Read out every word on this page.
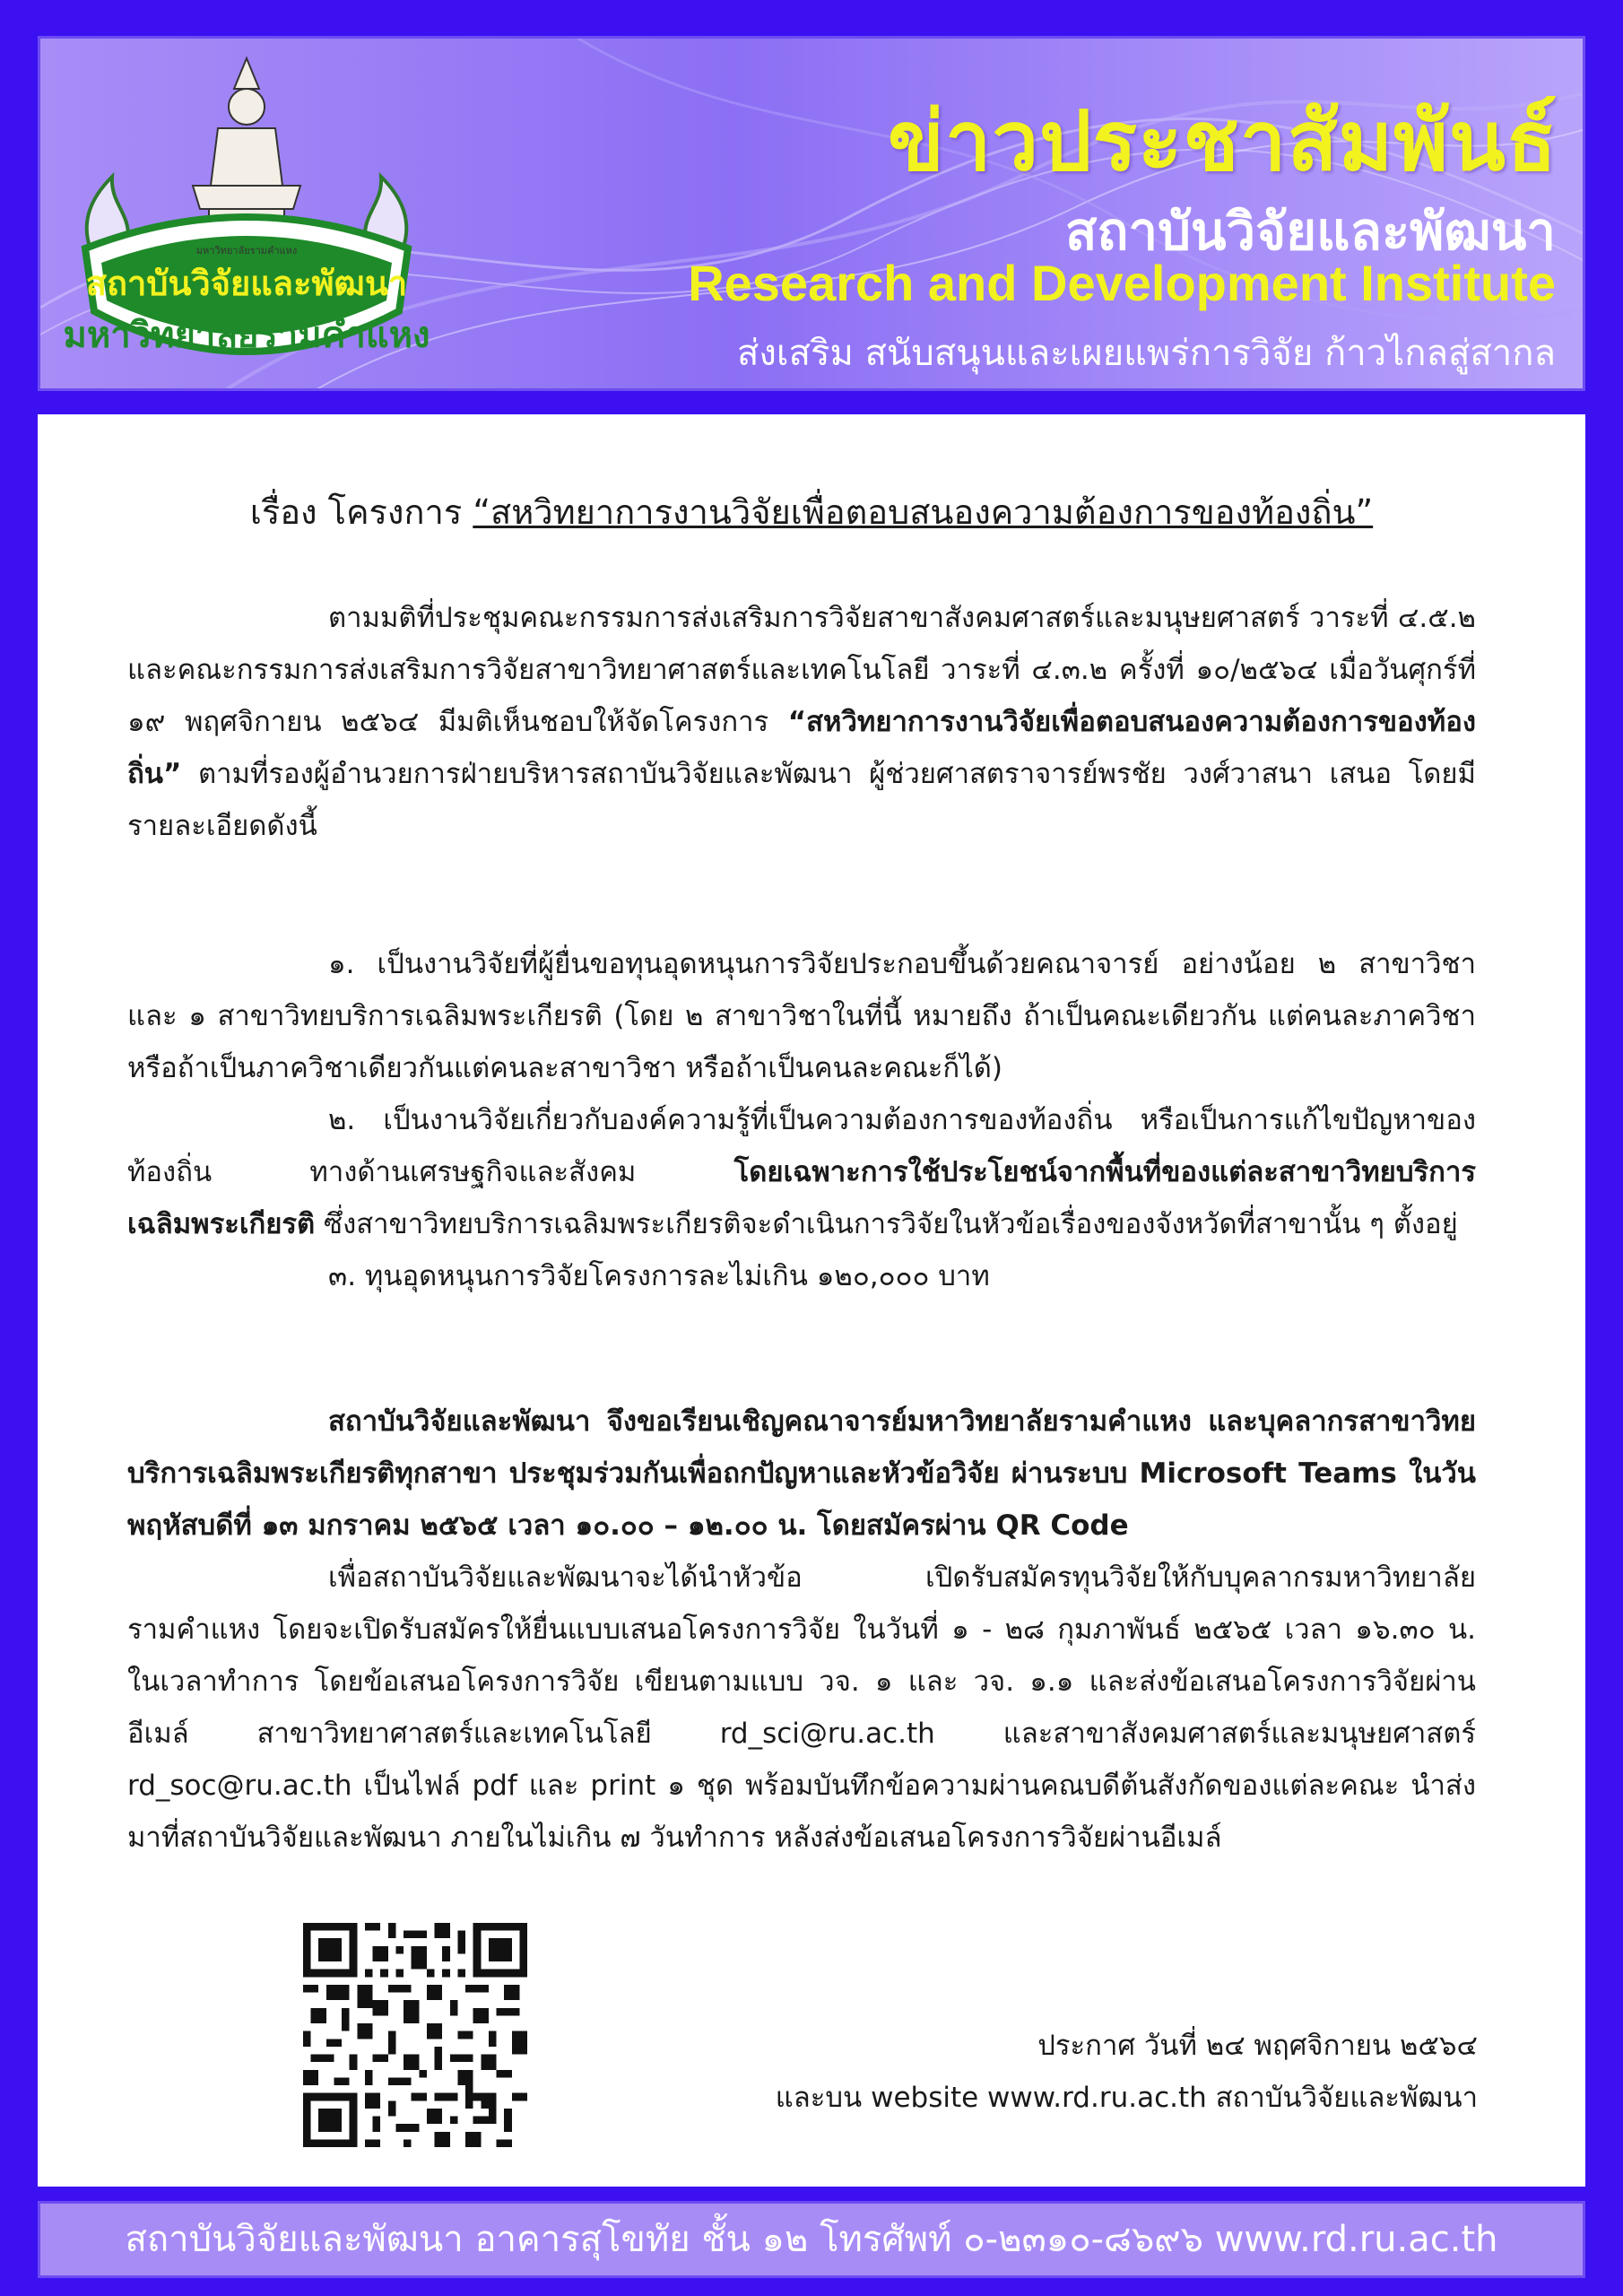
สถาบันวิจัยและพัฒนา
มหาวิทยาลัยรามคำแหง
มหาวิทยาลัยรามคำแหง
ข่าวประชาสัมพันธ์
สถาบันวิจัยและพัฒนา
Research and Development Institute
ส่งเสริม สนับสนุนและเผยแพร่การวิจัย ก้าวไกลสู่สากล
เรื่อง โครงการ “สหวิทยาการงานวิจัยเพื่อตอบสนองความต้องการของท้องถิ่น”

ตามมติที่ประชุมคณะกรรมการส่งเสริมการวิจัยสาขาสังคมศาสตร์และมนุษยศาสตร์ วาระที่ ๔.๕.๒ และคณะกรรมการส่งเสริมการวิจัยสาขาวิทยาศาสตร์และเทคโนโลยี วาระที่ ๔.๓.๒ ครั้งที่ ๑๐/๒๕๖๔ เมื่อวันศุกร์ที่ ๑๙ พฤศจิกายน ๒๕๖๔ มีมติเห็นชอบให้จัดโครงการ “สหวิทยาการงานวิจัยเพื่อตอบสนองความต้องการของท้องถิ่น” ตามที่รองผู้อำนวยการฝ่ายบริหารสถาบันวิจัยและพัฒนา ผู้ช่วยศาสตราจารย์พรชัย วงศ์วาสนา เสนอ โดยมีรายละเอียดดังนี้

๑. เป็นงานวิจัยที่ผู้ยื่นขอทุนอุดหนุนการวิจัยประกอบขึ้นด้วยคณาจารย์ อย่างน้อย ๒ สาขาวิชา และ ๑ สาขาวิทยบริการเฉลิมพระเกียรติ (โดย ๒ สาขาวิชาในที่นี้ หมายถึง ถ้าเป็นคณะเดียวกัน แต่คนละภาควิชา หรือถ้าเป็นภาควิชาเดียวกันแต่คนละสาขาวิชา หรือถ้าเป็นคนละคณะก็ได้)

๒. เป็นงานวิจัยเกี่ยวกับองค์ความรู้ที่เป็นความต้องการของท้องถิ่น หรือเป็นการแก้ไขปัญหาของท้องถิ่น ทางด้านเศรษฐกิจและสังคม โดยเฉพาะการใช้ประโยชน์จากพื้นที่ของแต่ละสาขาวิทยบริการเฉลิมพระเกียรติ ซึ่งสาขาวิทยบริการเฉลิมพระเกียรติจะดำเนินการวิจัยในหัวข้อเรื่องของจังหวัดที่สาขานั้น ๆ ตั้งอยู่

๓. ทุนอุดหนุนการวิจัยโครงการละไม่เกิน ๑๒๐,๐๐๐ บาท

สถาบันวิจัยและพัฒนา จึงขอเรียนเชิญคณาจารย์มหาวิทยาลัยรามคำแหง และบุคลากรสาขาวิทยบริการเฉลิมพระเกียรติทุกสาขา ประชุมร่วมกันเพื่อถกปัญหาและหัวข้อวิจัย ผ่านระบบ Microsoft Teams ในวันพฤหัสบดีที่ ๑๓ มกราคม ๒๕๖๕ เวลา ๑๐.๐๐ – ๑๒.๐๐ น. โดยสมัครผ่าน QR Code

เพื่อสถาบันวิจัยและพัฒนาจะได้นำหัวข้อ เปิดรับสมัครทุนวิจัยให้กับบุคลากรมหาวิทยาลัยรามคำแหง โดยจะเปิดรับสมัครให้ยื่นแบบเสนอโครงการวิจัย ในวันที่ ๑ - ๒๘ กุมภาพันธ์ ๒๕๖๕ เวลา ๑๖.๓๐ น. ในเวลาทำการ โดยข้อเสนอโครงการวิจัย เขียนตามแบบ วจ. ๑ และ วจ. ๑.๑ และส่งข้อเสนอโครงการวิจัยผ่านอีเมล์ สาขาวิทยาศาสตร์และเทคโนโลยี rd_sci@ru.ac.th และสาขาสังคมศาสตร์และมนุษยศาสตร์ rd_soc@ru.ac.th เป็นไฟล์ pdf และ print ๑ ชุด พร้อมบันทึกข้อความผ่านคณบดีต้นสังกัดของแต่ละคณะ นำส่งมาที่สถาบันวิจัยและพัฒนา ภายในไม่เกิน ๗ วันทำการ หลังส่งข้อเสนอโครงการวิจัยผ่านอีเมล์

ประกาศ วันที่ ๒๔ พฤศจิกายน ๒๕๖๔
และบน website www.rd.ru.ac.th สถาบันวิจัยและพัฒนา
สถาบันวิจัยและพัฒนา อาคารสุโขทัย ชั้น ๑๒ โทรศัพท์ ๐-๒๓๑๐-๘๖๙๖ www.rd.ru.ac.th
